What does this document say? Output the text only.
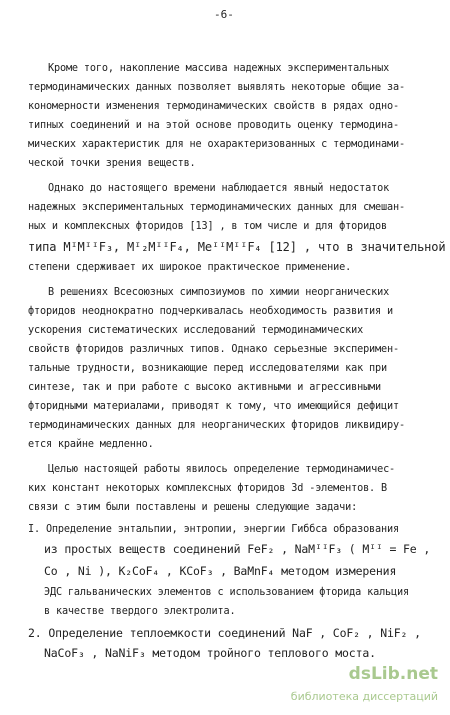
-6-
Кроме того, накопление массива надежных экспериментальных
термодинамических данных позволяет выявлять некоторые общие за-
кономерности изменения термодинамических свойств в рядах одно-
типных соединений и на этой основе проводить оценку термодина-
мических характеристик для не охарактеризованных с термодинами-
ческой точки зрения веществ.
Однако до настоящего времени наблюдается явный недостаток
надежных экспериментальных термодинамических данных для смешан-
ных и комплексных фторидов [13] , в том числе и для фторидов
типа MᴵMᴵᴵF₃, Mᴵ₂MᴵᴵF₄, MeᴵᴵMᴵᴵF₄ [12] , что в значительной
степени сдерживает их широкое практическое применение.
В решениях Всесоюзных симпозиумов по химии неорганических
фторидов неоднократно подчеркивалась необходимость развития и
ускорения систематических исследований термодинамических
свойств фторидов различных типов. Однако серьезные эксперимен-
тальные трудности, возникающие перед исследователями как при
синтезе, так и при работе с высоко активными и агрессивными
фторидными материалами, приводят к тому, что имеющийся дефицит
термодинамических данных для неорганических фторидов ликвидиру-
ется крайне медленно.
Целью настоящей работы явилось определение термодинамичес-
ких констант некоторых комплексных фторидов 3d -элементов. В
связи с этим были поставлены и решены следующие задачи:
I. Определение энтальпии, энтропии, энергии Гиббса образования
из простых веществ соединений FeF₂ , NaMᴵᴵF₃ ( Mᴵᴵ = Fe ,
Co , Ni ), K₂CoF₄ , KCoF₃ , BaMnF₄ методом измерения
ЭДС гальванических элементов с использованием фторида кальция
в качестве твердого электролита.
2. Определение теплоемкости соединений NaF , CoF₂ , NiF₂ ,
NaCoF₃ , NaNiF₃ методом тройного теплового моста.
dsLib.net
библиотека диссертаций
